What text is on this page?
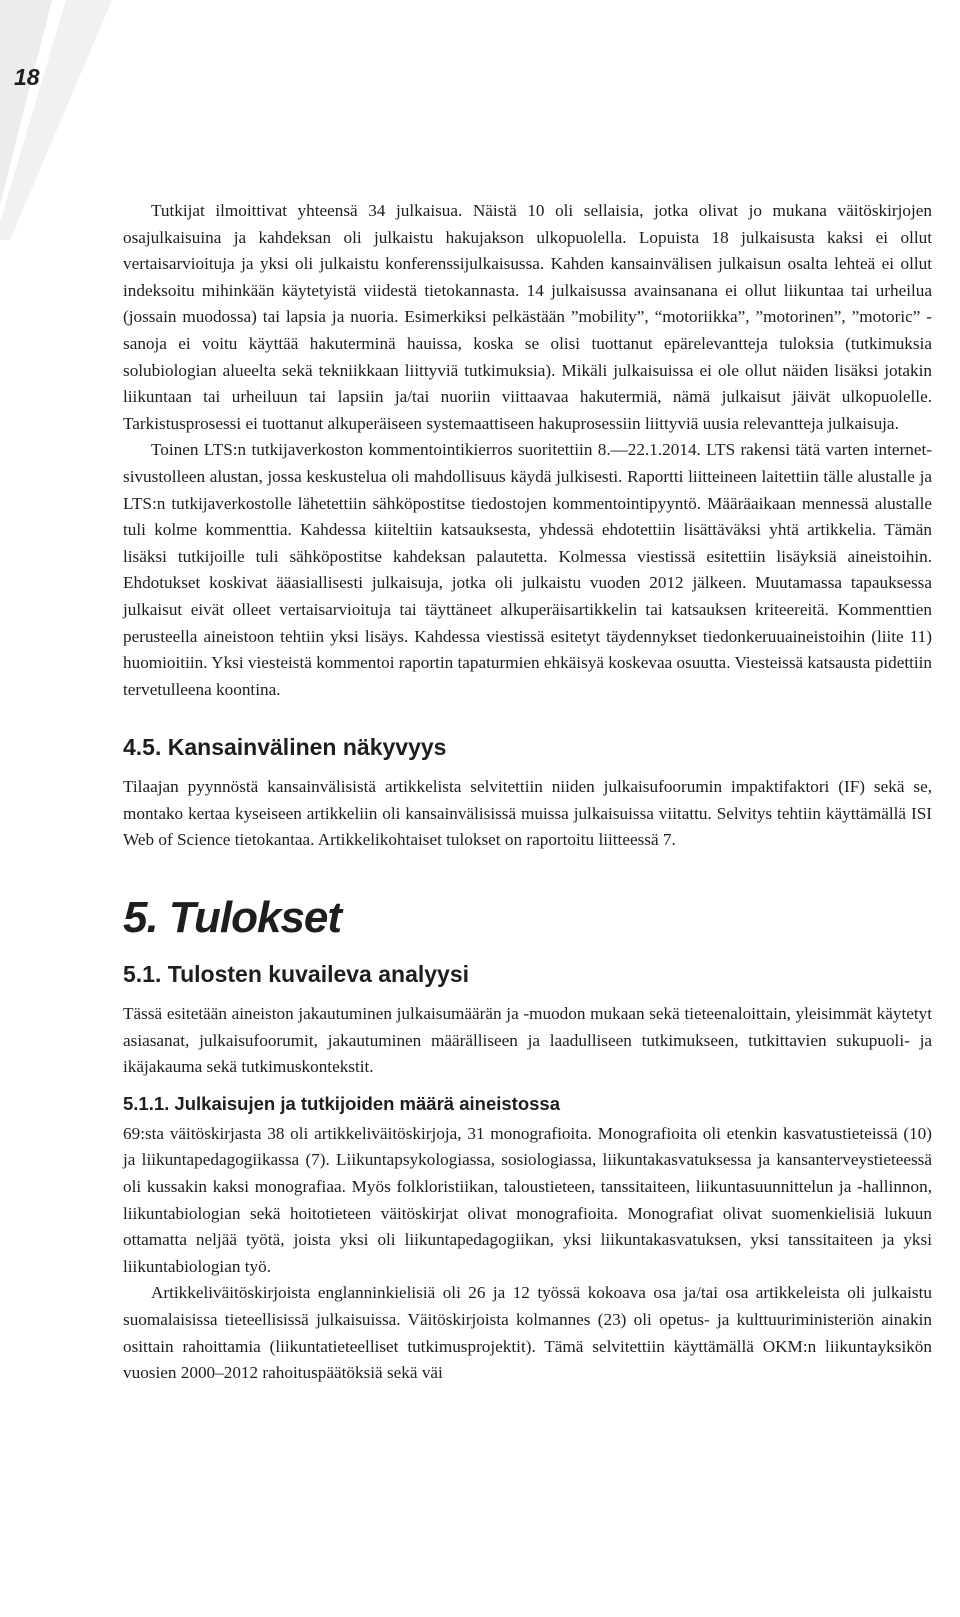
18

Tutkijat ilmoittivat yhteensä 34 julkaisua. Näistä 10 oli sellaisia, jotka olivat jo mukana väitöskirjojen osajulkaisuina ja kahdeksan oli julkaistu hakujakson ulkopuolella. Lopuista 18 julkaisusta kaksi ei ollut vertaisarvioituja ja yksi oli julkaistu konferenssijulkaisussa. Kahden kansainvälisen julkaisun osalta lehteä ei ollut indeksoitu mihinkään käytetyistä viidestä tietokannasta. 14 julkaisussa avainsanana ei ollut liikuntaa tai urheilua (jossain muodossa) tai lapsia ja nuoria. Esimerkiksi pelkästään ”mobility”, “motoriikka”, ”motorinen”, ”motoric” -sanoja ei voitu käyttää hakuterminä hauissa, koska se olisi tuottanut epärelevantteja tuloksia (tutkimuksia solubiologian alueelta sekä tekniikkaan liittyviä tutkimuksia). Mikäli julkaisuissa ei ole ollut näiden lisäksi jotakin liikuntaan tai urheiluun tai lapsiin ja/tai nuoriin viittaavaa hakutermiä, nämä julkaisut jäivät ulkopuolelle. Tarkistusprosessi ei tuottanut alkuperäiseen systemaattiseen hakuprosessiin liittyviä uusia relevantteja julkaisuja.

Toinen LTS:n tutkijaverkoston kommentointikierros suoritettiin 8.—22.1.2014. LTS rakensi tätä varten internet-sivustolleen alustan, jossa keskustelua oli mahdollisuus käydä julkisesti. Raportti liitteineen laitettiin tälle alustalle ja LTS:n tutkijaverkostolle lähetettiin sähköpostitse tiedostojen kommentointipyyntö. Määräaikaan mennessä alustalle tuli kolme kommenttia. Kahdessa kiiteltiin katsauksesta, yhdessä ehdotettiin lisättäväksi yhtä artikkelia. Tämän lisäksi tutkijoille tuli sähköpostitse kahdeksan palautetta. Kolmessa viestissä esitettiin lisäyksiä aineistoihin. Ehdotukset koskivat ääasiallisesti julkaisuja, jotka oli julkaistu vuoden 2012 jälkeen. Muutamassa tapauksessa julkaisut eivät olleet vertaisarvioituja tai täyttäneet alkuperäisartikkelin tai katsauksen kriteereitä. Kommenttien perusteella aineistoon tehtiin yksi lisäys. Kahdessa viestissä esitetyt täydennykset tiedonkeruuaineistoihin (liite 11) huomioitiin. Yksi viesteistä kommentoi raportin tapaturmien ehkäisyä koskevaa osuutta. Viesteissä katsausta pidettiin tervetulleena koontina.

4.5. Kansainvälinen näkyvyys

Tilaajan pyynnöstä kansainvälisistä artikkelista selvitettiin niiden julkaisufoorumin impaktifaktori (IF) sekä se, montako kertaa kyseiseen artikkeliin oli kansainvälisissä muissa julkaisuissa viitattu. Selvitys tehtiin käyttämällä ISI Web of Science tietokantaa. Artikkelikohtaiset tulokset on raportoitu liitteessä 7.

5. Tulokset
5.1. Tulosten kuvaileva analyysi

Tässä esitetään aineiston jakautuminen julkaisumäärän ja -muodon mukaan sekä tieteenaloittain, yleisimmät käytetyt asiasanat, julkaisufoorumit, jakautuminen määrälliseen ja laadulliseen tutkimukseen, tutkittavien sukupuoli- ja ikäjakauma sekä tutkimuskontekstit.

5.1.1. Julkaisujen ja tutkijoiden määrä aineistossa

69:sta väitöskirjasta 38 oli artikkeliväitöskirjoja, 31 monografioita. Monografioita oli etenkin kasvatustieteissä (10) ja liikuntapedagogiikassa (7). Liikuntapsykologiassa, sosiologiassa, liikuntakasvatuksessa ja kansanterveystieteessä oli kussakin kaksi monografiaa. Myös folkloristiikan, taloustieteen, tanssitaiteen, liikuntasuunnittelun ja -hallinnon, liikuntabiologian sekä hoitotieteen väitöskirjat olivat monografioita. Monografiat olivat suomenkielisiä lukuun ottamatta neljää työtä, joista yksi oli liikuntapedagogiikan, yksi liikuntakasvatuksen, yksi tanssitaiteen ja yksi liikuntabiologian työ.

Artikkeliväitöskirjoista englanninkielisiä oli 26 ja 12 työssä kokoava osa ja/tai osa artikkeleista oli julkaistu suomalaisissa tieteellisissä julkaisuissa. Väitöskirjoista kolmannes (23) oli opetus- ja kulttuuriministeriön ainakin osittain rahoittamia (liikuntatieteelliset tutkimusprojektit). Tämä selvitettiin käyttämällä OKM:n liikuntayksikön vuosien 2000–2012 rahoituspäätöksiä sekä väi
